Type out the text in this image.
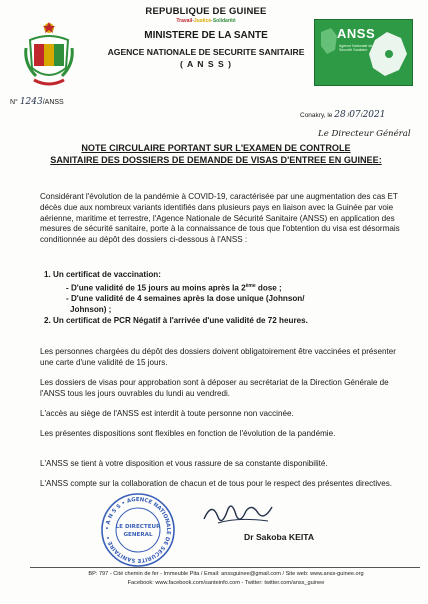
REPUBLIQUE DE GUINEE
Travail-Justice-Solidarité
MINISTERE DE LA SANTE
AGENCE NATIONALE DE SECURITE SANITAIRE
( A N S S )
ANSS
Agence Nationale de Sécurité Sanitaire
N° 1243/ANSS
Conakry, le 28 /07/2021
Le Directeur Général
NOTE CIRCULAIRE PORTANT SUR L'EXAMEN DE CONTROLE
SANITAIRE DES DOSSIERS DE DEMANDE DE VISAS D'ENTREE EN GUINEE:

Considérant l'évolution de la pandémie à COVID-19, caractérisée par une augmentation des cas ET décès due aux nombreux variants identifiés dans plusieurs pays en liaison avec la Guinée par voie aérienne, maritime et terrestre, l'Agence Nationale de Sécurité Sanitaire (ANSS) en application des mesures de sécurité sanitaire, porte à la connaissance de tous que l'obtention du visa est désormais conditionnée au dépôt des dossiers ci-dessous à l'ANSS :

1. Un certificat de vaccination:
- D'une validité de 15 jours au moins après la 2ème dose ;
- D'une validité de 4 semaines après la dose unique (Johnson/
Johnson) ;
2. Un certificat de PCR Négatif à l'arrivée d'une validité de 72 heures.

Les personnes chargées du dépôt des dossiers doivent obligatoirement être vaccinées et présenter une carte d'une validité de 15 jours.

Les dossiers de visas pour approbation sont à déposer au secrétariat de la Direction Générale de l'ANSS tous les jours ouvrables du lundi au vendredi.

L'accès au siège de l'ANSS est interdit à toute personne non vaccinée.

Les présentes dispositions sont flexibles en fonction de l'évolution de la pandémie.

L'ANSS se tient à votre disposition et vous rassure de sa constante disponibilité.

L'ANSS compte sur la collaboration de chacun et de tous pour le respect des présentes directives.

• A N S S • AGENCE NATIONALE DE SECURITE SANITAIRE •
LE DIRECTEUR
GENERAL	Dr Sakoba KEITA
BP: 797 - Cité chemin de fer - Immeuble Pita / Email: anssguinee@gmail.com / Site web: www.anss-guinee.org
Facebook: www.facebook.com/santeinfo.com - Twitter: twitter.com/anss_guinee
